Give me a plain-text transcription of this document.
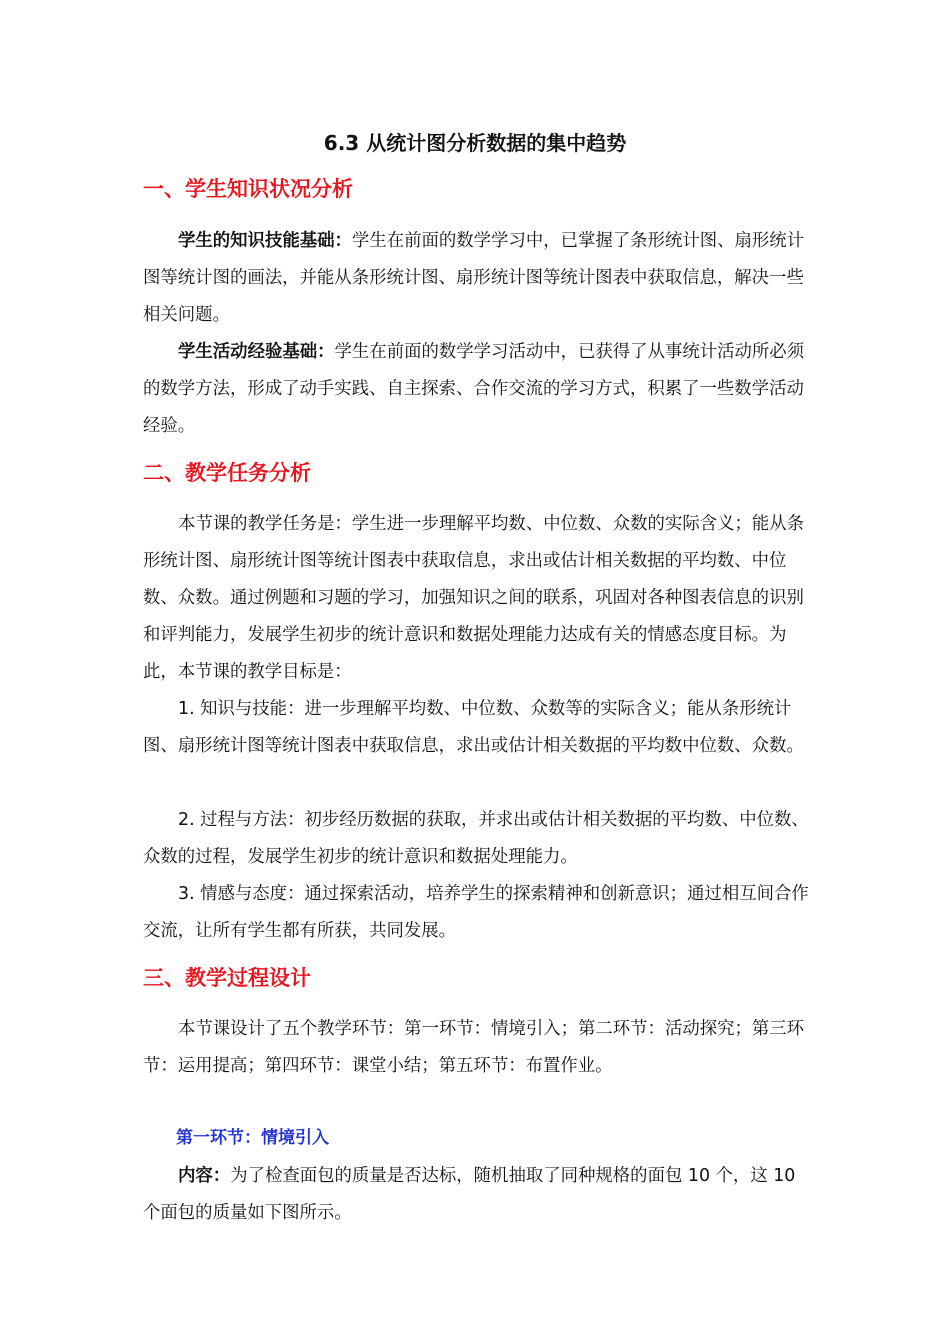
6.3 从统计图分析数据的集中趋势
一、学生知识状况分析
学生的知识技能基础：学生在前面的数学学习中，已掌握了条形统计图、扇形统计图等统计图的画法，并能从条形统计图、扇形统计图等统计图表中获取信息，解决一些相关问题。
学生活动经验基础：学生在前面的数学学习活动中，已获得了从事统计活动所必须的数学方法，形成了动手实践、自主探索、合作交流的学习方式，积累了一些数学活动经验。
二、教学任务分析
本节课的教学任务是：学生进一步理解平均数、中位数、众数的实际含义；能从条形统计图、扇形统计图等统计图表中获取信息，求出或估计相关数据的平均数、中位数、众数。通过例题和习题的学习，加强知识之间的联系，巩固对各种图表信息的识别和评判能力，发展学生初步的统计意识和数据处理能力达成有关的情感态度目标。为此，本节课的教学目标是：
1. 知识与技能：进一步理解平均数、中位数、众数等的实际含义；能从条形统计图、扇形统计图等统计图表中获取信息，求出或估计相关数据的平均数中位数、众数。
2. 过程与方法：初步经历数据的获取，并求出或估计相关数据的平均数、中位数、众数的过程，发展学生初步的统计意识和数据处理能力。
3. 情感与态度：通过探索活动，培养学生的探索精神和创新意识；通过相互间合作交流，让所有学生都有所获，共同发展。
三、教学过程设计
本节课设计了五个教学环节：第一环节：情境引入；第二环节：活动探究；第三环节：运用提高；第四环节：课堂小结；第五环节：布置作业。
第一环节：情境引入
内容：为了检查面包的质量是否达标，随机抽取了同种规格的面包 10 个，这 10 个面包的质量如下图所示。
